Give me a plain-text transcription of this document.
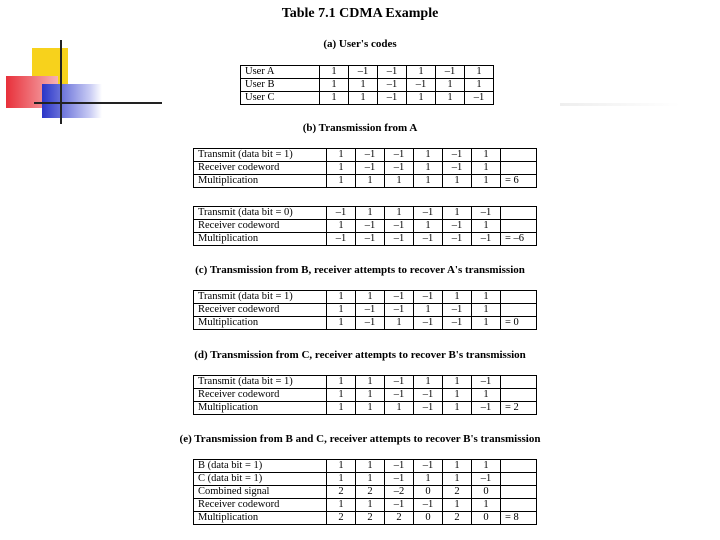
Table 7.1 CDMA Example
(a) User's codes
User A	1	–1	–1	1	–1	1
User B	1	1	–1	–1	1	1
User C	1	1	–1	1	1	–1
(b) Transmission from A
Transmit (data bit = 1)	1	–1	–1	1	–1	1	
Receiver codeword	1	–1	–1	1	–1	1	
Multiplication	1	1	1	1	1	1	= 6
Transmit (data bit = 0)	–1	1	1	–1	1	–1	
Receiver codeword	1	–1	–1	1	–1	1	
Multiplication	–1	–1	–1	–1	–1	–1	= –6
(c) Transmission from B, receiver attempts to recover A's transmission
Transmit (data bit = 1)	1	1	–1	–1	1	1	
Receiver codeword	1	–1	–1	1	–1	1	
Multiplication	1	–1	1	–1	–1	1	= 0
(d) Transmission from C, receiver attempts to recover B's transmission
Transmit (data bit = 1)	1	1	–1	1	1	–1	
Receiver codeword	1	1	–1	–1	1	1	
Multiplication	1	1	1	–1	1	–1	= 2
(e) Transmission from B and C, receiver attempts to recover B's transmission
B (data bit = 1)	1	1	–1	–1	1	1	
C (data bit = 1)	1	1	–1	1	1	–1	
Combined signal	2	2	–2	0	2	0	
Receiver codeword	1	1	–1	–1	1	1	
Multiplication	2	2	2	0	2	0	= 8
